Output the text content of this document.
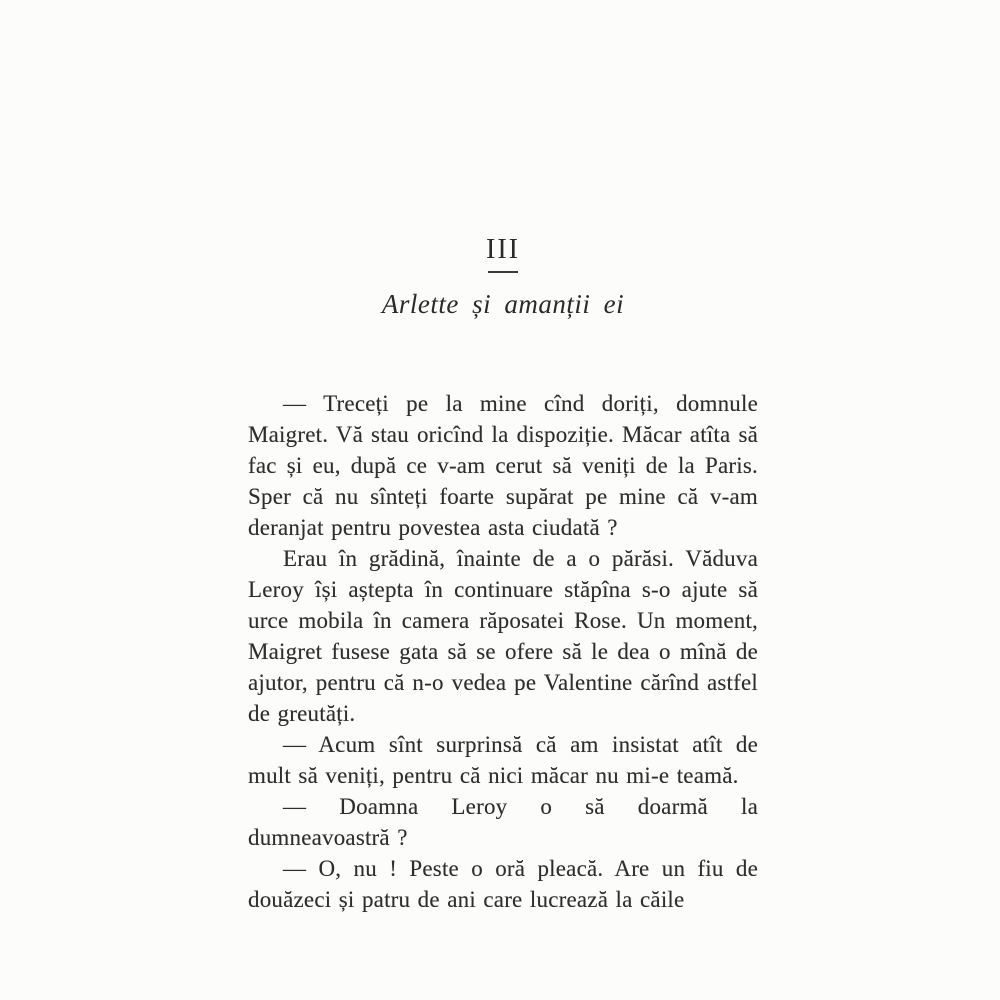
III
Arlette și amanții ei

— Treceți pe la mine cînd doriți, domnule Maigret. Vă stau oricînd la dispoziție. Măcar atîta să fac și eu, după ce v-am cerut să veniți de la Paris. Sper că nu sînteți foarte supărat pe mine că v-am deranjat pentru povestea asta ciudată ?

Erau în grădină, înainte de a o părăsi. Văduva Leroy își aștepta în continuare stăpîna s-o ajute să urce mobila în camera răposatei Rose. Un moment, Maigret fusese gata să se ofere să le dea o mînă de ajutor, pentru că n-o vedea pe Valentine cărînd astfel de greutăți.

— Acum sînt surprinsă că am insistat atît de mult să veniți, pentru că nici măcar nu mi-e teamă.

— Doamna Leroy o să doarmă la dumneavoastră ?

— O, nu ! Peste o oră pleacă. Are un fiu de douăzeci și patru de ani care lucrează la căile
